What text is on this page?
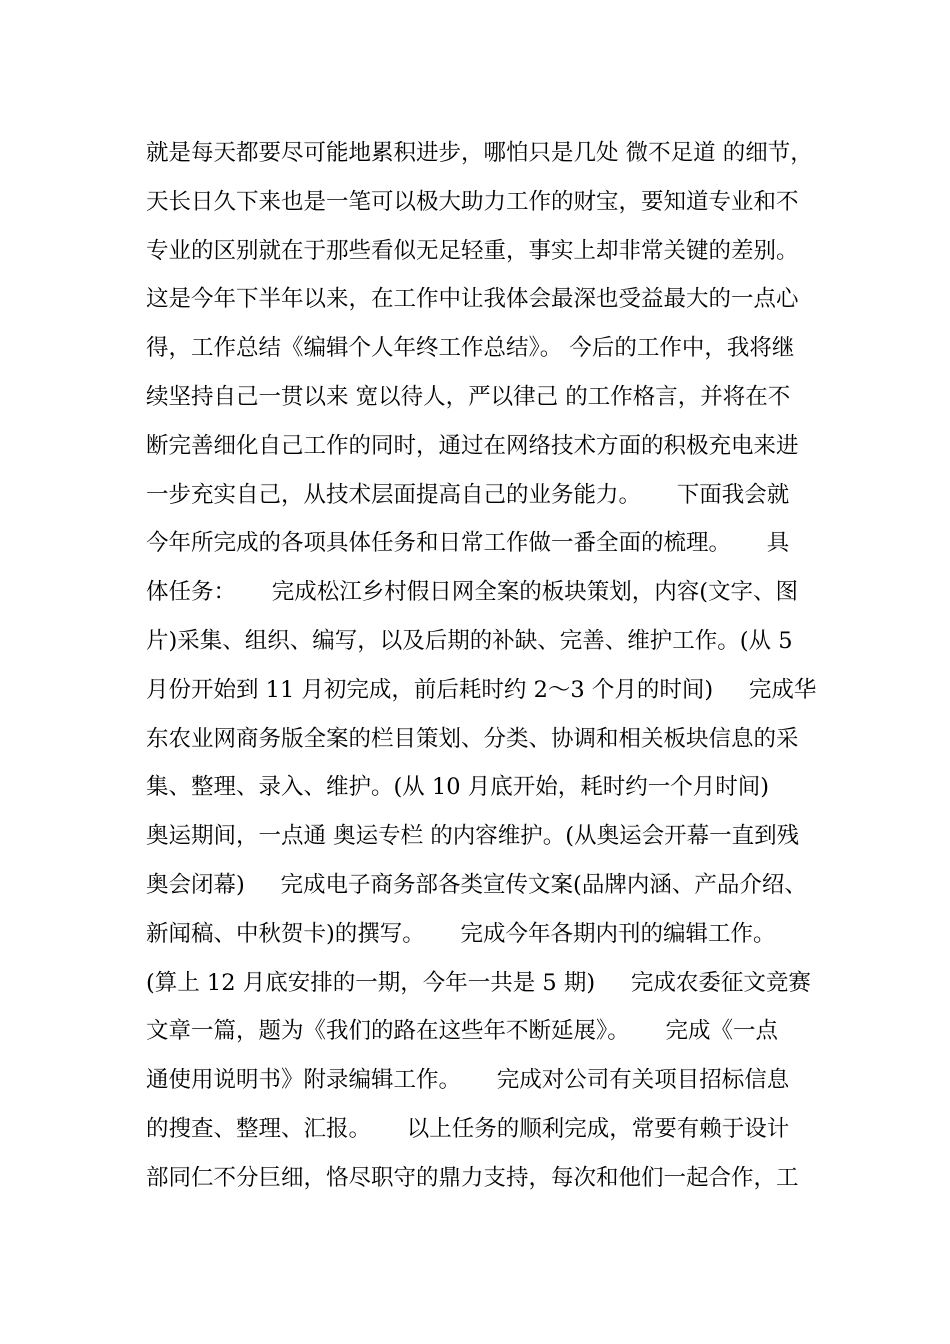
就是每天都要尽可能地累积进步，哪怕只是几处 微不足道 的细节，
天长日久下来也是一笔可以极大助力工作的财宝，要知道专业和不
专业的区别就在于那些看似无足轻重，事实上却非常关键的差别。
这是今年下半年以来，在工作中让我体会最深也受益最大的一点心
得，工作总结《编辑个人年终工作总结》。 今后的工作中，我将继
续坚持自己一贯以来 宽以待人，严以律己 的工作格言，并将在不
断完善细化自己工作的同时，通过在网络技术方面的积极充电来进
一步充实自己，从技术层面提高自己的业务能力。     下面我会就
今年所完成的各项具体任务和日常工作做一番全面的梳理。     具
体任务：     完成松江乡村假日网全案的板块策划，内容(文字、图
片)采集、组织、编写，以及后期的补缺、完善、维护工作。(从 5
月份开始到 11 月初完成，前后耗时约 2～3 个月的时间)     完成华
东农业网商务版全案的栏目策划、分类、协调和相关板块信息的采
集、整理、录入、维护。(从 10 月底开始，耗时约一个月时间)
奥运期间，一点通 奥运专栏 的内容维护。(从奥运会开幕一直到残
奥会闭幕)     完成电子商务部各类宣传文案(品牌内涵、产品介绍、
新闻稿、中秋贺卡)的撰写。     完成今年各期内刊的编辑工作。
(算上 12 月底安排的一期，今年一共是 5 期)     完成农委征文竞赛
文章一篇，题为《我们的路在这些年不断延展》。     完成《一点
通使用说明书》附录编辑工作。     完成对公司有关项目招标信息
的搜查、整理、汇报。     以上任务的顺利完成，常要有赖于设计
部同仁不分巨细，恪尽职守的鼎力支持，每次和他们一起合作，工
